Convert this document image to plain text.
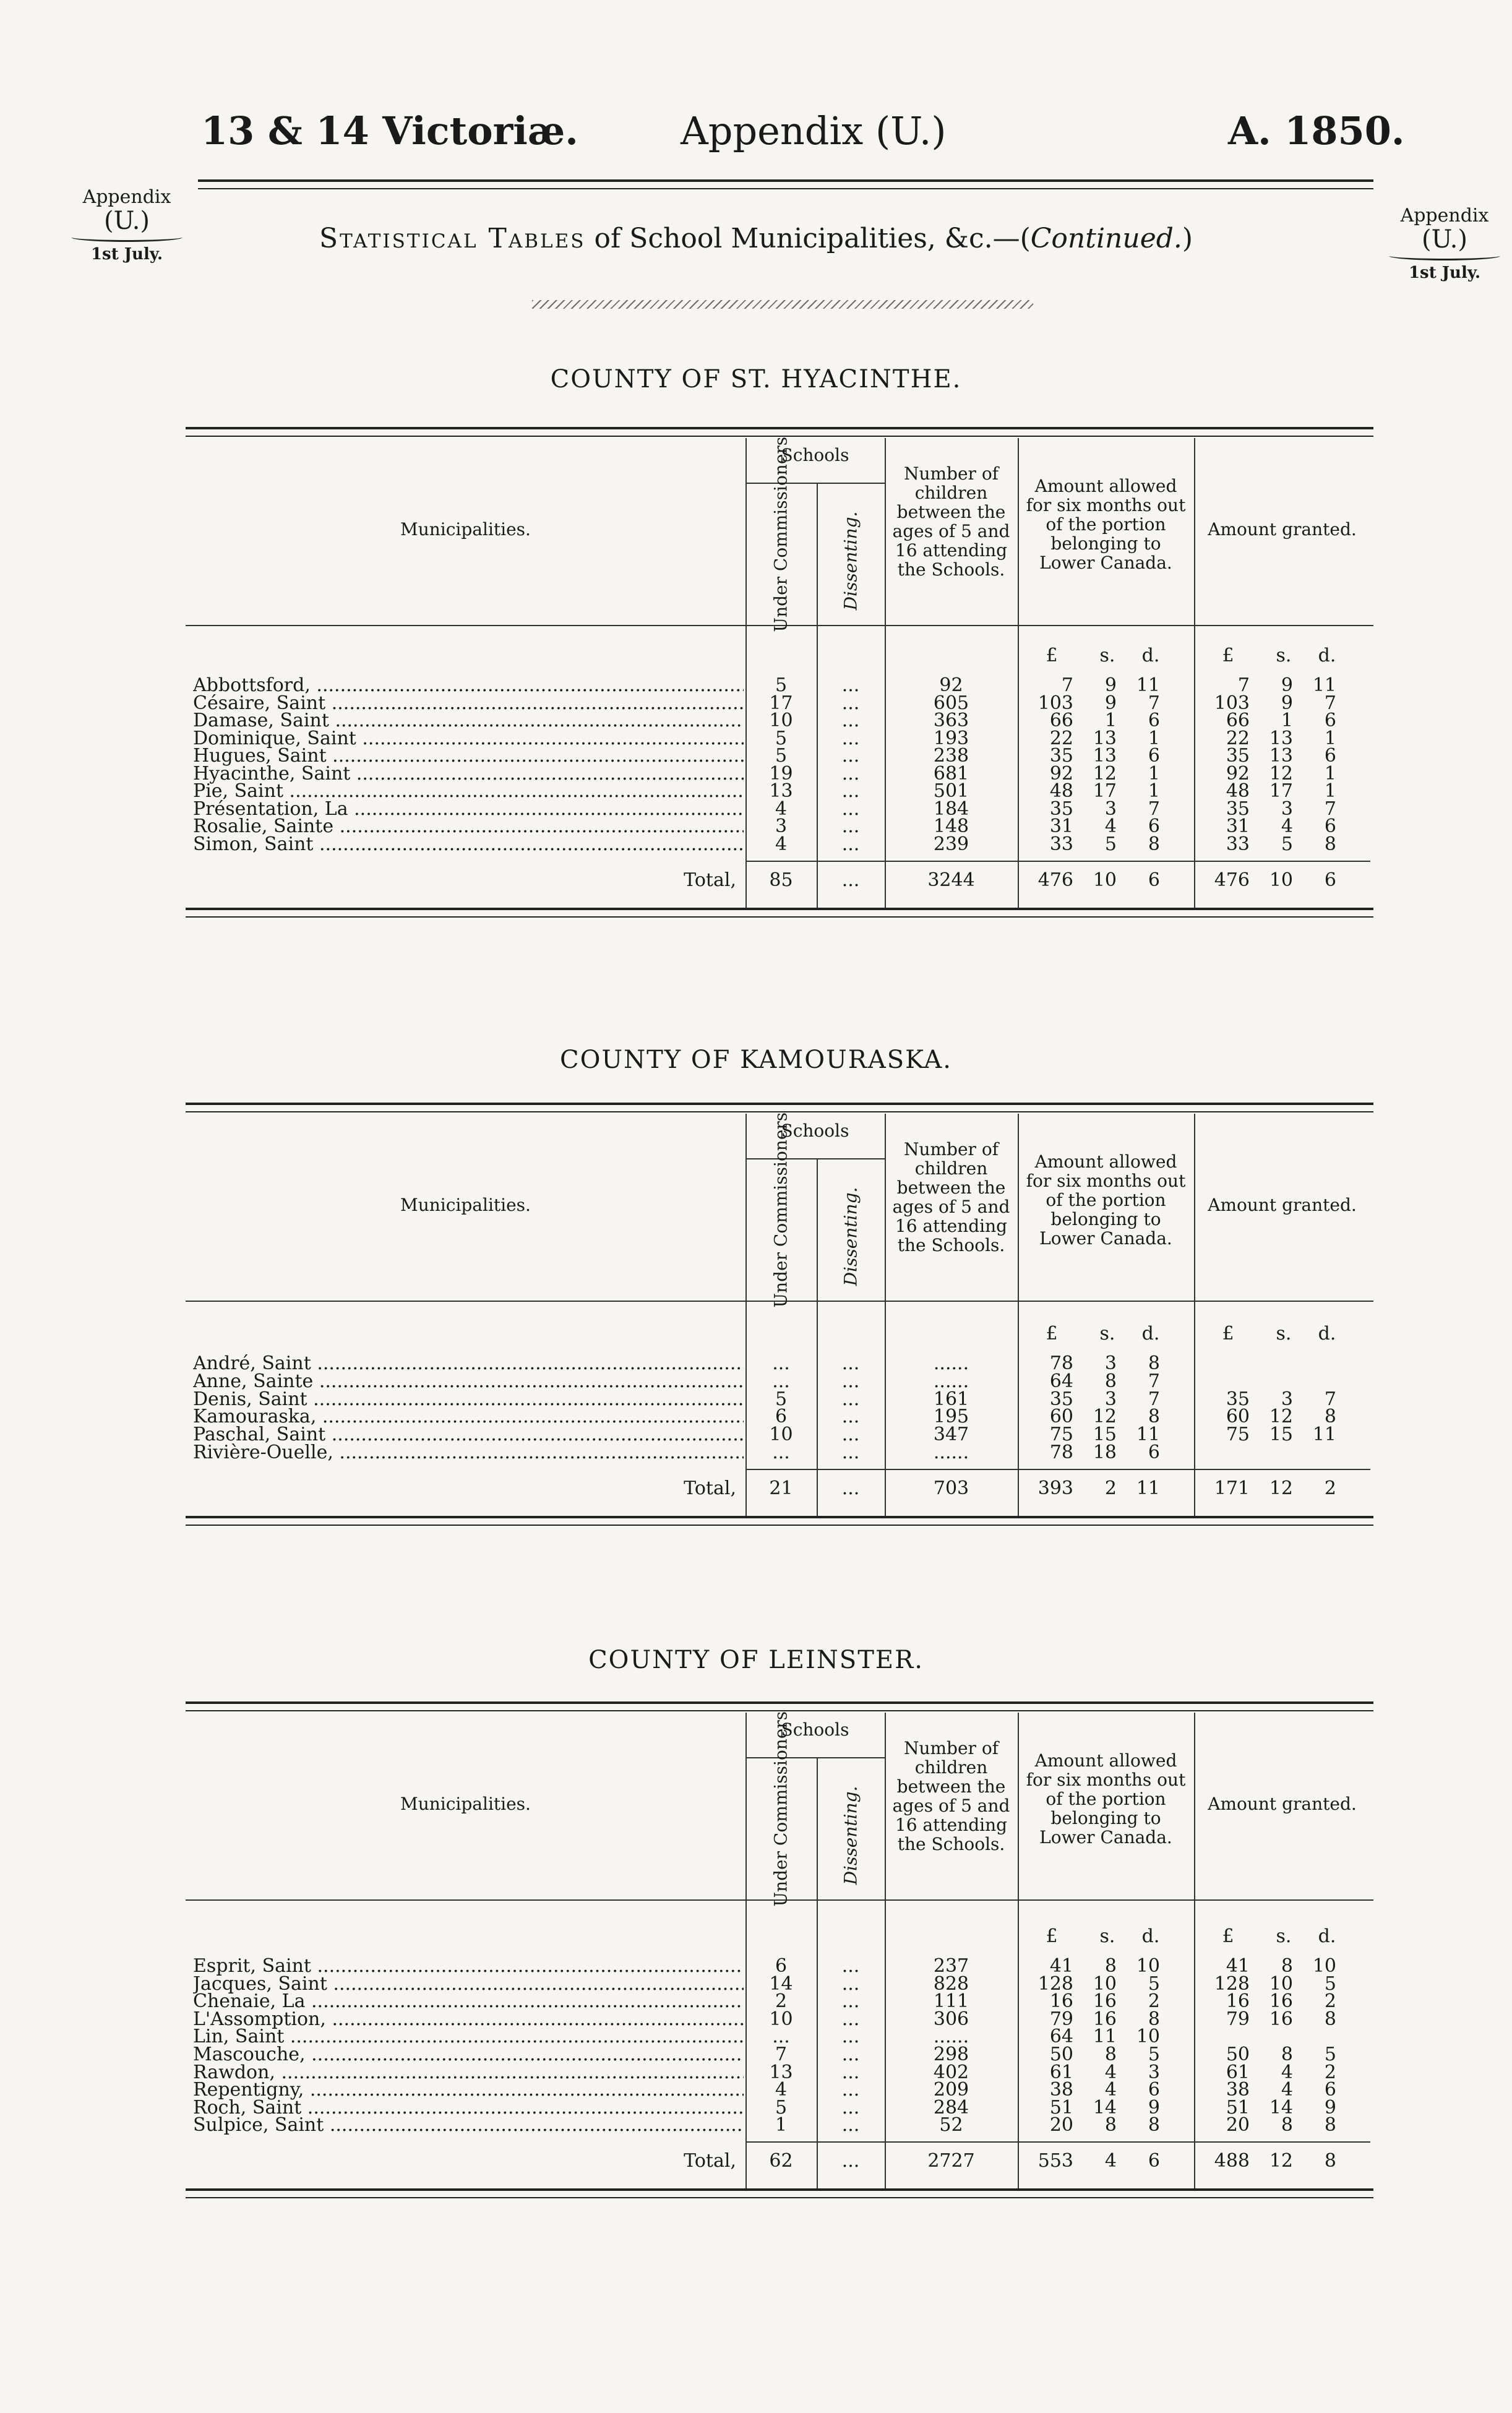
13 & 14 Victoriæ.	Appendix (U.)	A. 1850.
Appendix
(U.)
1st July.
Appendix
(U.)
1st July.
Statistical Tables of School Municipalities, &c.—(Continued.)
COUNTY OF ST. HYACINTHE.
Municipalities.
Schools
Under Commissioners	Dissenting.
Number of children between the ages of 5 and 16 attending the Schools.
Amount allowed for six months out of the portion belonging to Lower Canada.
Amount granted.
£	s.	d.	£	s.	d.
Abbottsford, .....	5	...	92	7	9	11	7	9	11
Césaire, Saint .....	17	...	605	103	9	7	103	9	7
Damase, Saint .....	10	...	363	66	1	6	66	1	6
Dominique, Saint .....	5	...	193	22	13	1	22	13	1
Hugues, Saint .....	5	...	238	35	13	6	35	13	6
Hyacinthe, Saint .....	19	...	681	92	12	1	92	12	1
Pie, Saint .....	13	...	501	48	17	1	48	17	1
Présentation, La .....	4	...	184	35	3	7	35	3	7
Rosalie, Sainte .....	3	...	148	31	4	6	31	4	6
Simon, Saint .....	4	...	239	33	5	8	33	5	8
Total,	85	...	3244	476	10	6	476	10	6
COUNTY OF KAMOURASKA.
Municipalities.
Schools
Under Commissioners	Dissenting.
Number of children between the ages of 5 and 16 attending the Schools.
Amount allowed for six months out of the portion belonging to Lower Canada.
Amount granted.
£	s.	d.	£	s.	d.
André, Saint .....	...	...	......	78	3	8
Anne, Sainte .....	...	...	......	64	8	7
Denis, Saint .....	5	...	161	35	3	7	35	3	7
Kamouraska, .....	6	...	195	60	12	8	60	12	8
Paschal, Saint .....	10	...	347	75	15	11	75	15	11
Rivière-Ouelle, .....	...	...	......	78	18	6
Total,	21	...	703	393	2	11	171	12	2
COUNTY OF LEINSTER.
Municipalities.
Schools
Under Commissioners	Dissenting.
Number of children between the ages of 5 and 16 attending the Schools.
Amount allowed for six months out of the portion belonging to Lower Canada.
Amount granted.
£	s.	d.	£	s.	d.
Esprit, Saint .....	6	...	237	41	8	10	41	8	10
Jacques, Saint .....	14	...	828	128	10	5	128	10	5
Chenaie, La .....	2	...	111	16	16	2	16	16	2
L'Assomption, .....	10	...	306	79	16	8	79	16	8
Lin, Saint .....	...	...	......	64	11	10
Mascouche, .....	7	...	298	50	8	5	50	8	5
Rawdon, .....	13	...	402	61	4	3	61	4	2
Repentigny, .....	4	...	209	38	4	6	38	4	6
Roch, Saint .....	5	...	284	51	14	9	51	14	9
Sulpice, Saint .....	1	...	52	20	8	8	20	8	8
Total,	62	...	2727	553	4	6	488	12	8
